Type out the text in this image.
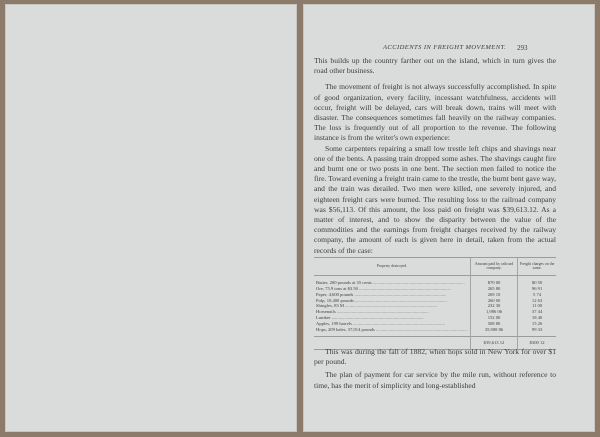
ACCIDENTS IN FREIGHT MOVEMENT. 293

This builds up the country farther out on the island, which in turn gives the road other business.

The movement of freight is not always successfully accomplished. In spite of good organization, every facility, incessant watchfulness, accidents will occur, freight will be delayed, cars will break down, trains will meet with disaster. The consequences sometimes fall heavily on the railway companies. The loss is frequently out of all proportion to the revenue. The following instance is from the writer's own experience:

Some carpenters repairing a small low trestle left chips and shavings near one of the bents. A passing train dropped some ashes. The shavings caught fire and burnt one or two posts in one bent. The section men failed to notice the fire. Toward evening a freight train came to the trestle, the burnt bent gave way, and the train was derailed. Two men were killed, one severely injured, and eighteen freight cars were burned. The resulting loss to the railroad company was $56,113. Of this amount, the loss paid on freight was $39,613.12. As a matter of interest, and to show the disparity between the value of the commodities and the earnings from freight charges received by the railway company, the amount of each is given here in detail, taken from the actual records of the case:

Property destroyed.	Amount paid by railroad company.	Freight charges on the same.
Butter, 200 pounds at 35 cents ................................................................................	$70 00	$0 50
Ore, 75.9 tons at $3.50 ................................................................................	265 80	96 91
Paper, 4,600 pounds ................................................................................	269 10	5 74
Pulp, 10,400 pounds ................................................................................	260 00	12 63
Shingles, 83 M ................................................................................	232 30	11 00
Horsenails ................................................................................	1,986 06	37 44
Lumber ................................................................................	152 00	18 40
Apples, 199 barrels ................................................................................	508 80	15 26
Hops, 209 bales, 37,014 pounds ................................................................................	35,908 86	99 33
	$39,613 12	$300 12

This was during the fall of 1882, when hops sold in New York for over $1 per pound.

The plan of payment for car service by the mile run, without reference to time, has the merit of simplicity and long-established
